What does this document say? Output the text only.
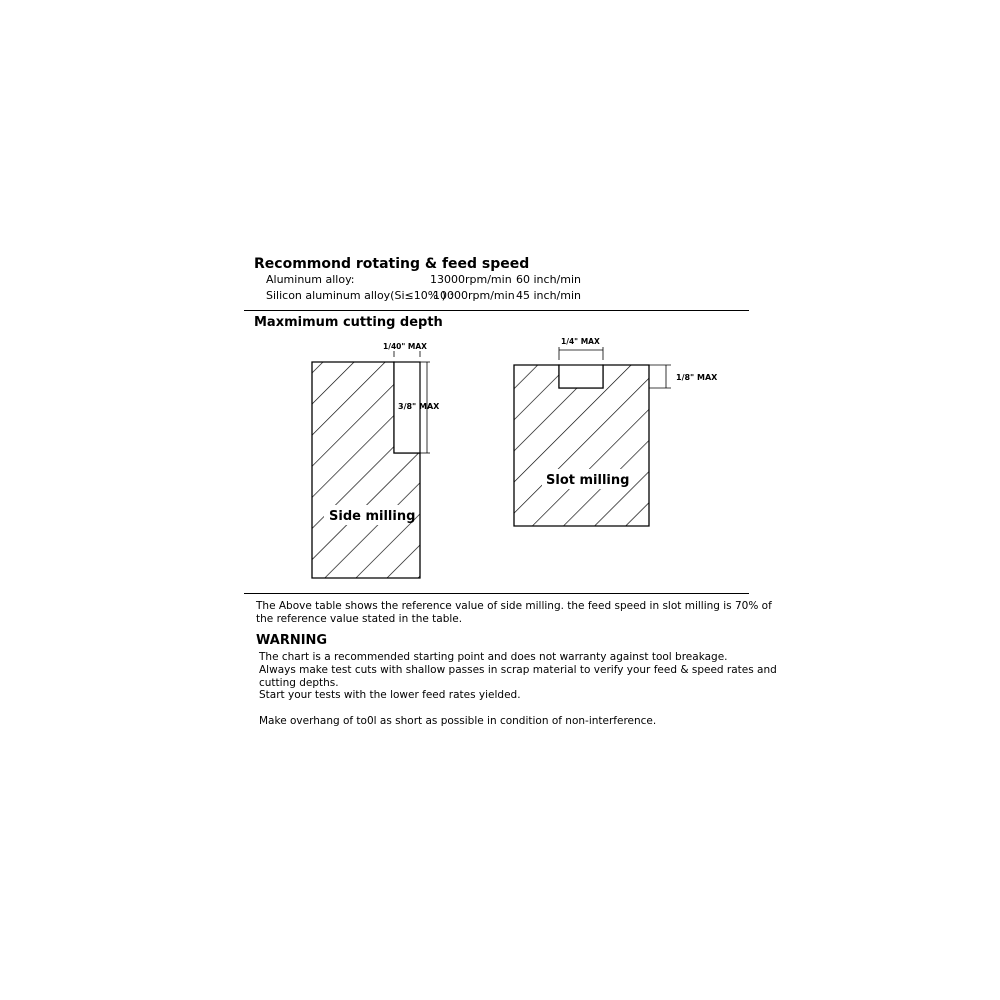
Recommond rotating & feed speed
Aluminum alloy:	13000rpm/min 60 inch/min
Silicon aluminum alloy(Si≤10% ) :
10000rpm/min 45 inch/min
Maxmimum cutting depth
1/40" MAX
3/8" MAX
Side milling
1/4" MAX
1/8" MAX
Slot milling
The Above table shows the reference value of side milling. the feed speed in slot milling is 70% of
the reference value stated in the table.
WARNING
The chart is a recommended starting point and does not warranty against tool breakage.
Always make test cuts with shallow passes in scrap material to verify your feed & speed rates and
cutting depths.
Start your tests with the lower feed rates yielded.
Make overhang of to0l as short as possible in condition of non-interference.
